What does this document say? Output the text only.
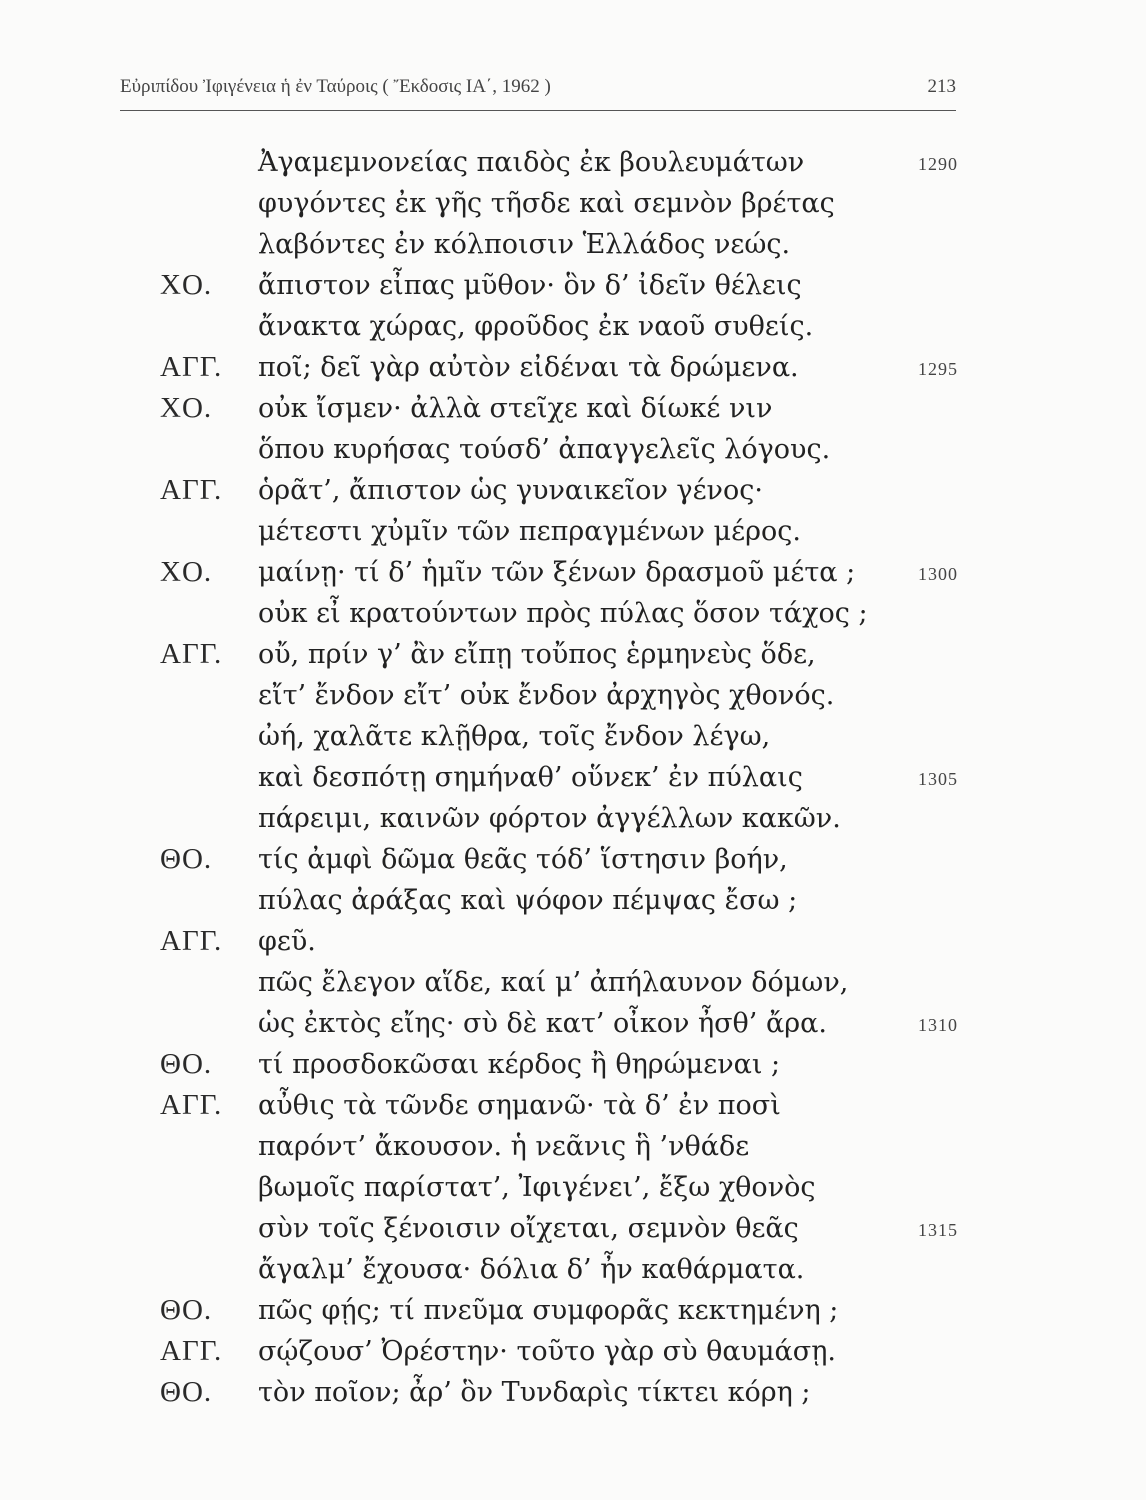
Εὐριπίδου Ἰφιγένεια ἡ ἐν Ταύροις ( Ἔκδοσις ΙΑ΄, 1962 )	213
Ἀγαμεμνονείας παιδὸς ἐκ βουλευμάτων	1290
φυγόντες ἐκ γῆς τῆσδε καὶ σεμνὸν βρέτας
λαβόντες ἐν κόλποισιν Ἑλλάδος νεώς.
ΧΟ. ἄπιστον εἶπας μῦθον· ὃν δ’ ἰδεῖν θέλεις
ἄνακτα χώρας, φροῦδος ἐκ ναοῦ συθείς.
ΑΓΓ. ποῖ; δεῖ γὰρ αὐτὸν εἰδέναι τὰ δρώμενα.	1295
ΧΟ. οὐκ ἴσμεν· ἀλλὰ στεῖχε καὶ δίωκέ νιν
ὅπου κυρήσας τούσδ’ ἀπαγγελεῖς λόγους.
ΑΓΓ. ὁρᾶτ’, ἄπιστον ὡς γυναικεῖον γένος·
μέτεστι χὐμῖν τῶν πεπραγμένων μέρος.
ΧΟ. μαίνῃ· τί δ’ ἡμῖν τῶν ξένων δρασμοῦ μέτα ;	1300
οὐκ εἶ κρατούντων πρὸς πύλας ὅσον τάχος ;
ΑΓΓ. οὔ, πρίν γ’ ἂν εἴπῃ τοὔπος ἑρμηνεὺς ὅδε,
εἴτ’ ἔνδον εἴτ’ οὐκ ἔνδον ἀρχηγὸς χθονός.
ὠή, χαλᾶτε κλῇθρα, τοῖς ἔνδον λέγω,
καὶ δεσπότῃ σημήναθ’ οὕνεκ’ ἐν πύλαις	1305
πάρειμι, καινῶν φόρτον ἀγγέλλων κακῶν.
ΘΟ. τίς ἀμφὶ δῶμα θεᾶς τόδ’ ἵστησιν βοήν,
πύλας ἀράξας καὶ ψόφον πέμψας ἔσω ;
ΑΓΓ. φεῦ.
πῶς ἔλεγον αἵδε, καί μ’ ἀπήλαυνον δόμων,
ὡς ἐκτὸς εἴης· σὺ δὲ κατ’ οἶκον ἦσθ’ ἄρα.	1310
ΘΟ. τί προσδοκῶσαι κέρδος ἢ θηρώμεναι ;
ΑΓΓ. αὖθις τὰ τῶνδε σημανῶ· τὰ δ’ ἐν ποσὶ
παρόντ’ ἄκουσον. ἡ νεᾶνις ἣ ’νθάδε
βωμοῖς παρίστατ’, Ἰφιγένει’, ἔξω χθονὸς
σὺν τοῖς ξένοισιν οἴχεται, σεμνὸν θεᾶς	1315
ἄγαλμ’ ἔχουσα· δόλια δ’ ἦν καθάρματα.
ΘΟ. πῶς φῄς; τί πνεῦμα συμφορᾶς κεκτημένη ;
ΑΓΓ. σῴζουσ’ Ὀρέστην· τοῦτο γὰρ σὺ θαυμάσῃ.
ΘΟ. τὸν ποῖον; ἆρ’ ὃν Τυνδαρὶς τίκτει κόρη ;
